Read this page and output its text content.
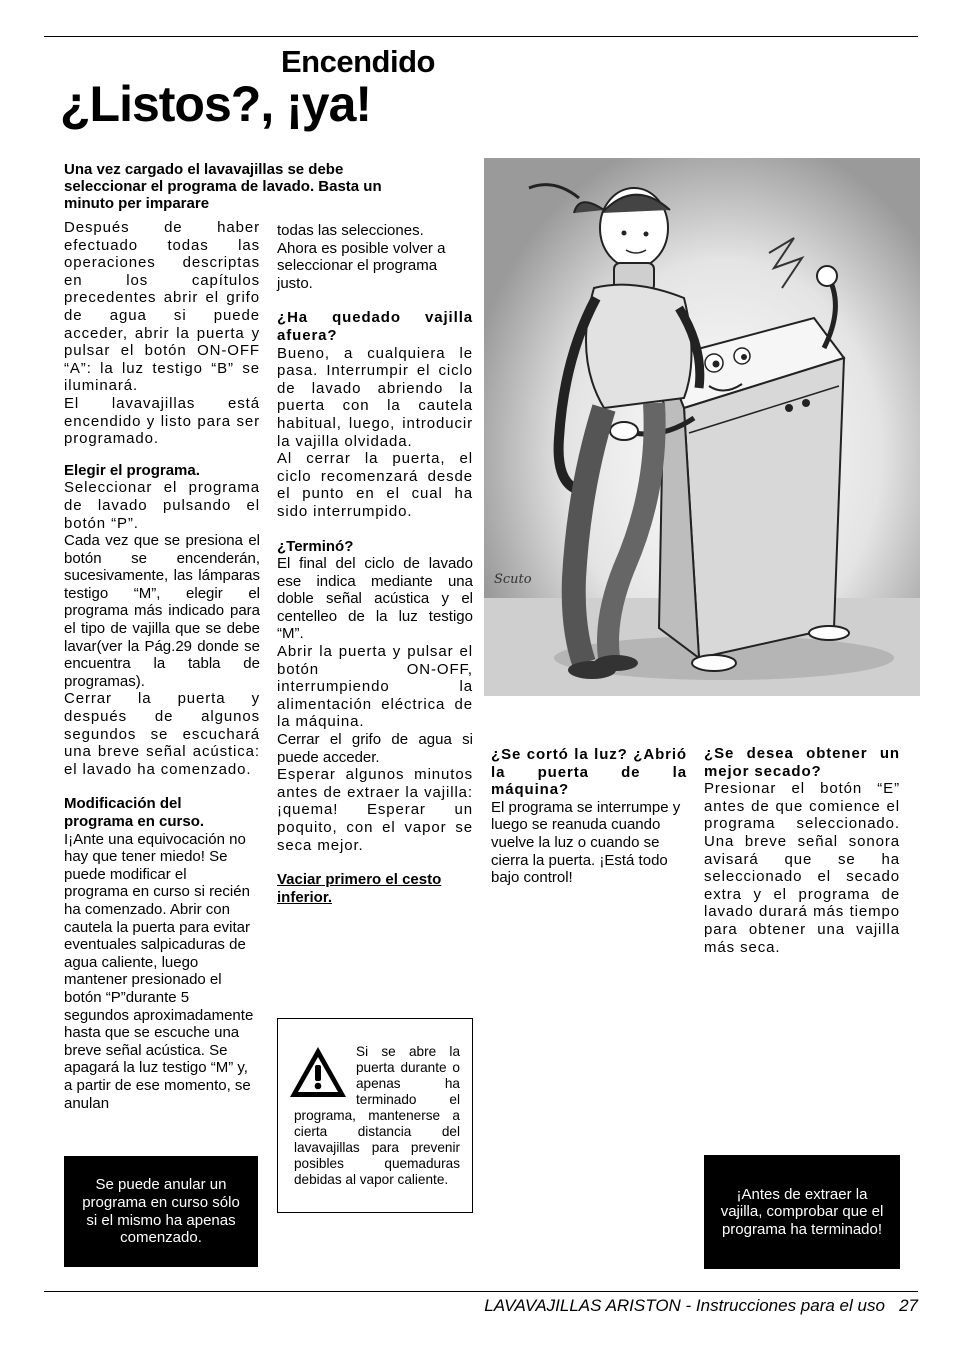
Encendido
¿Listos?, ¡ya!
Una vez cargado el lavavajillas se debe seleccionar el programa de lavado. Basta un minuto per imparare

Después de haber efectuado todas las operaciones descriptas en los capítulos precedentes abrir el grifo de agua si puede acceder, abrir la puerta y pulsar el botón ON-OFF “A”: la luz testigo “B” se iluminará.

El lavavajillas está encendido y listo para ser programado.

Elegir el programa.

Seleccionar el programa de lavado pulsando el botón “P”.

Cada vez que se presiona el botón se encenderán, sucesivamente, las lámparas testigo “M”, elegir el programa más indicado para el tipo de vajilla que se debe lavar(ver la Pág.29 donde se encuentra la tabla de programas).

Cerrar la puerta y después de algunos segundos se escuchará una breve señal acústica: el lavado ha comenzado.

Modificación del programa en curso.

I¡Ante una equivocación no hay que tener miedo! Se puede modificar el programa en curso si recién ha comenzado. Abrir con cautela la puerta para evitar eventuales salpicaduras de agua caliente, luego mantener presionado el botón “P”durante 5 segundos aproximadamente hasta que se escuche una breve señal acústica. Se apagará la luz testigo “M” y, a partir de ese momento, se anulan

todas las selecciones. Ahora es posible volver a seleccionar el programa justo.

¿Ha quedado vajilla afuera?

Bueno, a cualquiera le pasa. Interrumpir el ciclo de lavado abriendo la puerta con la cautela habitual, luego, introducir la vajilla olvidada.

Al cerrar la puerta, el ciclo recomenzará desde el punto en el cual ha sido interrumpido.

¿Terminó?

El final del ciclo de lavado ese indica mediante una doble señal acústica y el centelleo de la luz testigo “M”.

Abrir la puerta y pulsar el botón ON-OFF, interrumpiendo la alimentación eléctrica de la máquina.

Cerrar el grifo de agua si puede acceder.

Esperar algunos minutos antes de extraer la vajilla: ¡quema! Esperar un poquito, con el vapor se seca mejor.

Vaciar primero el cesto inferior.

¿Se cortó la luz? ¿Abrió la puerta de la máquina?

El programa se interrumpe y luego se reanuda cuando vuelve la luz o cuando se cierra la puerta. ¡Está todo bajo control!

¿Se desea obtener un mejor secado?

Presionar el botón “E” antes de que comience el programa seleccionado. Una breve señal sonora avisará que se ha seleccionado el secado extra y el programa de lavado durará más tiempo para obtener una vajilla más seca.

Se puede anular un programa en curso sólo si el mismo ha apenas comenzado.
¡Antes de extraer la vajilla, comprobar que el programa ha terminado!
Si se abre la puerta durante o apenas ha terminado el programa, mantenerse a cierta distancia del lavavajillas para prevenir posibles quemaduras debidas al vapor caliente.
Scuto
LAVAVAJILLAS ARISTON - Instrucciones para el uso   27
